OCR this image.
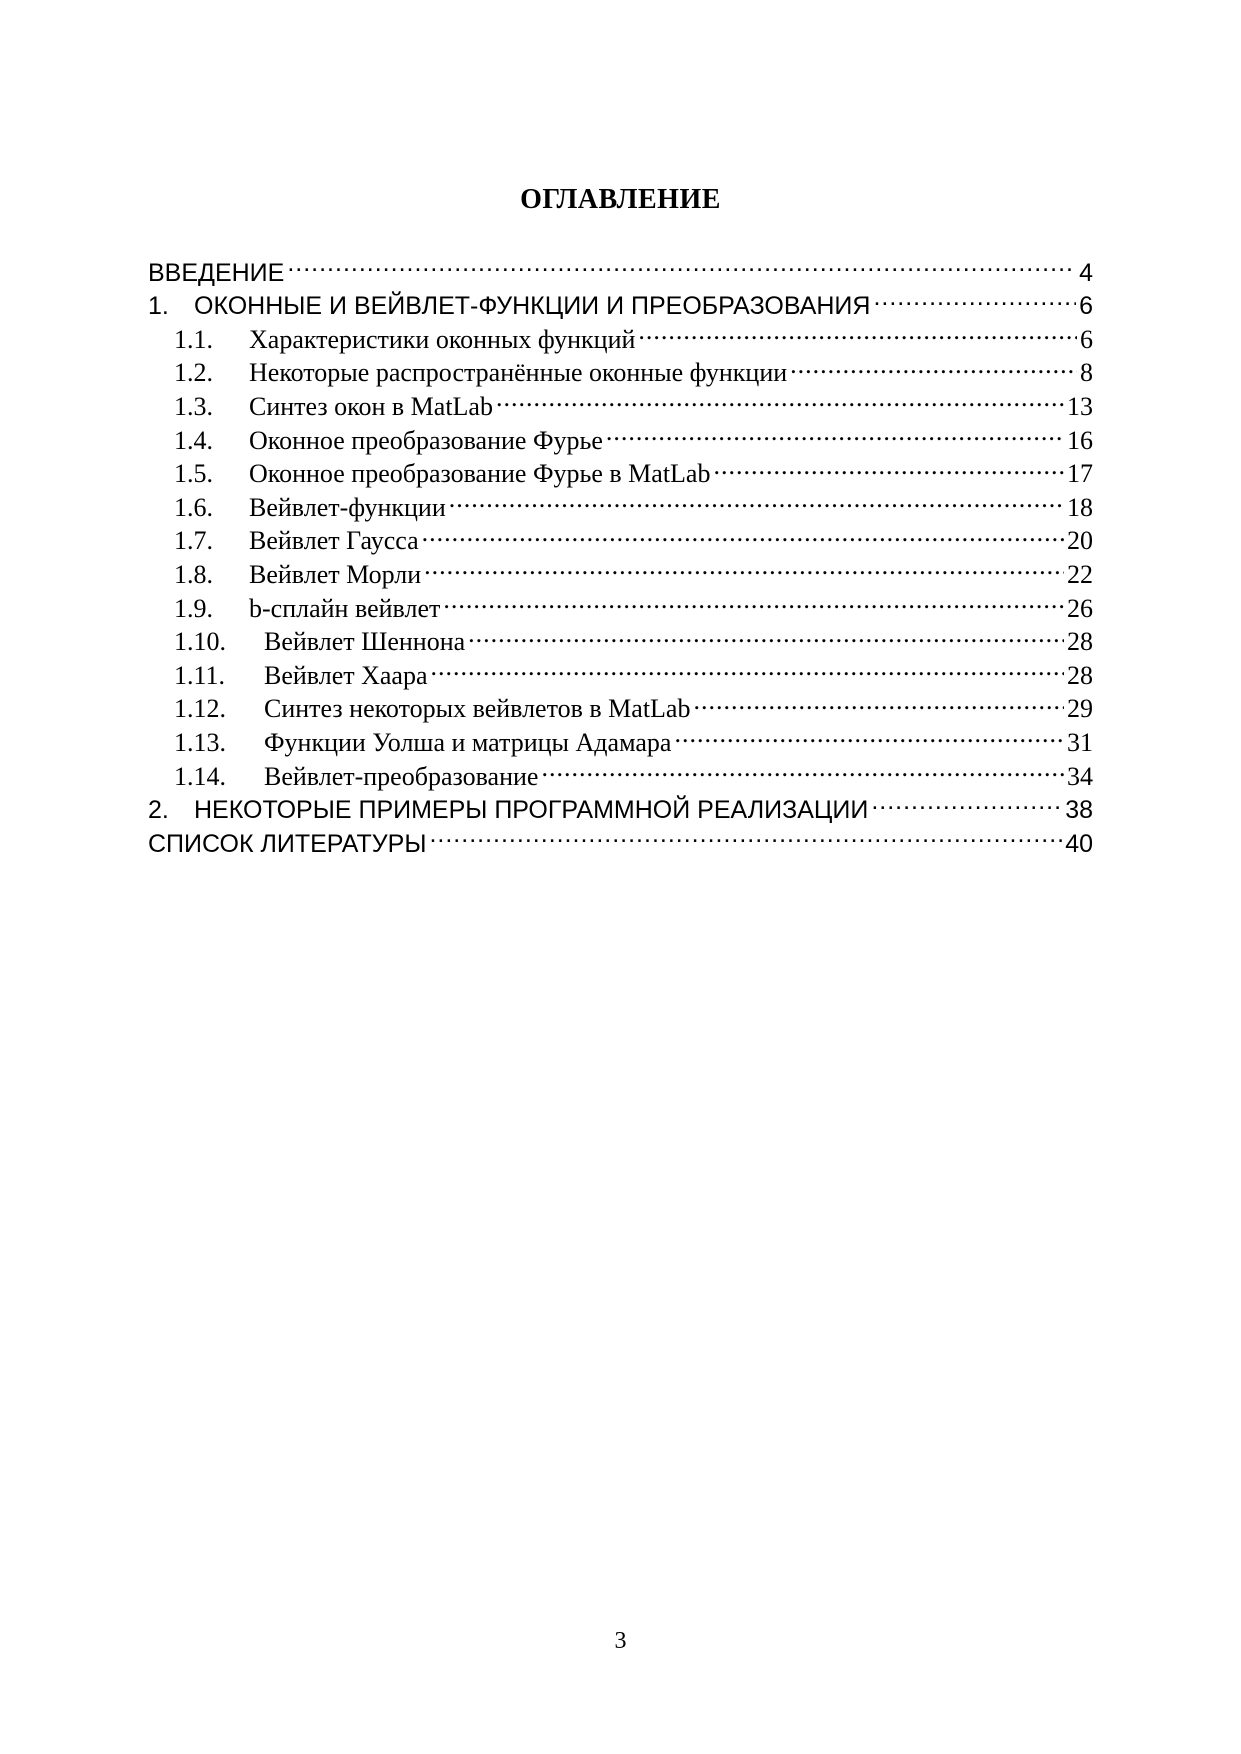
ОГЛАВЛЕНИЕ
ВВЕДЕНИЕ .....	4
1.	ОКОННЫЕ И ВЕЙВЛЕТ-ФУНКЦИИ И ПРЕОБРАЗОВАНИЯ .....	6
1.1.	Характеристики оконных функций .....	6
1.2.	Некоторые распространённые оконные функции .....	8
1.3.	Синтез окон в MatLab .....	13
1.4.	Оконное преобразование Фурье .....	16
1.5.	Оконное преобразование Фурье в MatLab .....	17
1.6.	Вейвлет-функции .....	18
1.7.	Вейвлет Гаусса .....	20
1.8.	Вейвлет Морли .....	22
1.9.	b-сплайн вейвлет .....	26
1.10.	Вейвлет Шеннона .....	28
1.11.	Вейвлет Хаара .....	28
1.12.	Синтез некоторых вейвлетов в MatLab .....	29
1.13.	Функции Уолша и матрицы Адамара .....	31
1.14.	Вейвлет-преобразование .....	34
2.	НЕКОТОРЫЕ ПРИМЕРЫ ПРОГРАММНОЙ РЕАЛИЗАЦИИ .....	38
СПИСОК ЛИТЕРАТУРЫ .....	40
3
